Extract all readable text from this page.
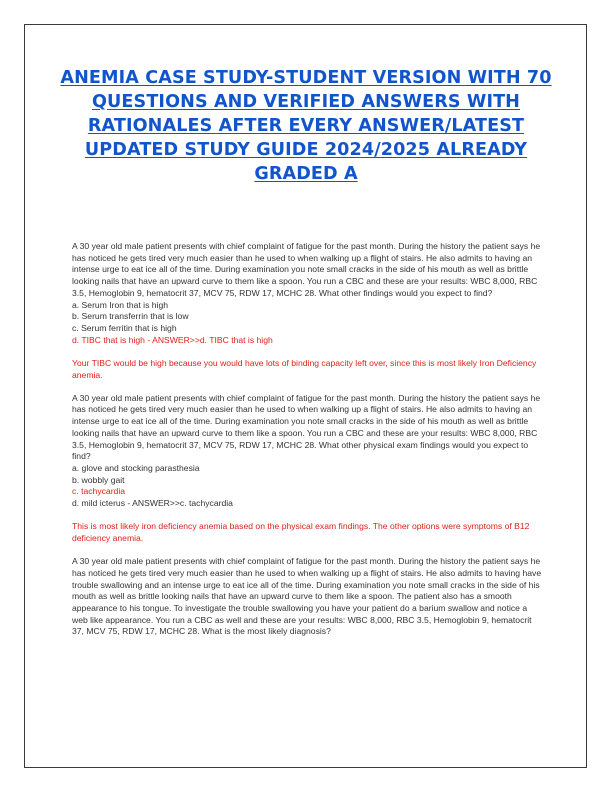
ANEMIA CASE STUDY-STUDENT VERSION WITH 70 QUESTIONS AND VERIFIED ANSWERS WITH RATIONALES AFTER EVERY ANSWER/LATEST UPDATED STUDY GUIDE 2024/2025 ALREADY GRADED A

A 30 year old male patient presents with chief complaint of fatigue for the past month. During the history the patient says he has noticed he gets tired very much easier than he used to when walking up a flight of stairs. He also admits to having an intense urge to eat ice all of the time. During examination you note small cracks in the side of his mouth as well as brittle looking nails that have an upward curve to them like a spoon. You run a CBC and these are your results: WBC 8,000, RBC 3.5, Hemoglobin 9, hematocrit 37, MCV 75, RDW 17, MCHC 28. What other findings would you expect to find?

a. Serum Iron that is high

b. Serum transferrin that is low

c. Serum ferritin that is high

d. TIBC that is high - ANSWER>>d. TIBC that is high

Your TIBC would be high because you would have lots of binding capacity left over, since this is most likely Iron Deficiency anemia.

A 30 year old male patient presents with chief complaint of fatigue for the past month. During the history the patient says he has noticed he gets tired very much easier than he used to when walking up a flight of stairs. He also admits to having an intense urge to eat ice all of the time. During examination you note small cracks in the side of his mouth as well as brittle looking nails that have an upward curve to them like a spoon. You run a CBC and these are your results: WBC 8,000, RBC 3.5, Hemoglobin 9, hematocrit 37, MCV 75, RDW 17, MCHC 28. What other physical exam findings would you expect to find?

a. glove and stocking parasthesia

b. wobbly gait

c. tachycardia

d. mild icterus - ANSWER>>c. tachycardia

This is most likely iron deficiency anemia based on the physical exam findings. The other options were symptoms of B12 deficiency anemia.

A 30 year old male patient presents with chief complaint of fatigue for the past month. During the history the patient says he has noticed he gets tired very much easier than he used to when walking up a flight of stairs. He also admits to having have trouble swallowing and an intense urge to eat ice all of the time. During examination you note small cracks in the side of his mouth as well as brittle looking nails that have an upward curve to them like a spoon. The patient also has a smooth appearance to his tongue. To investigate the trouble swallowing you have your patient do a barium swallow and notice a web like appearance. You run a CBC as well and these are your results: WBC 8,000, RBC 3.5, Hemoglobin 9, hematocrit 37, MCV 75, RDW 17, MCHC 28. What is the most likely diagnosis?
